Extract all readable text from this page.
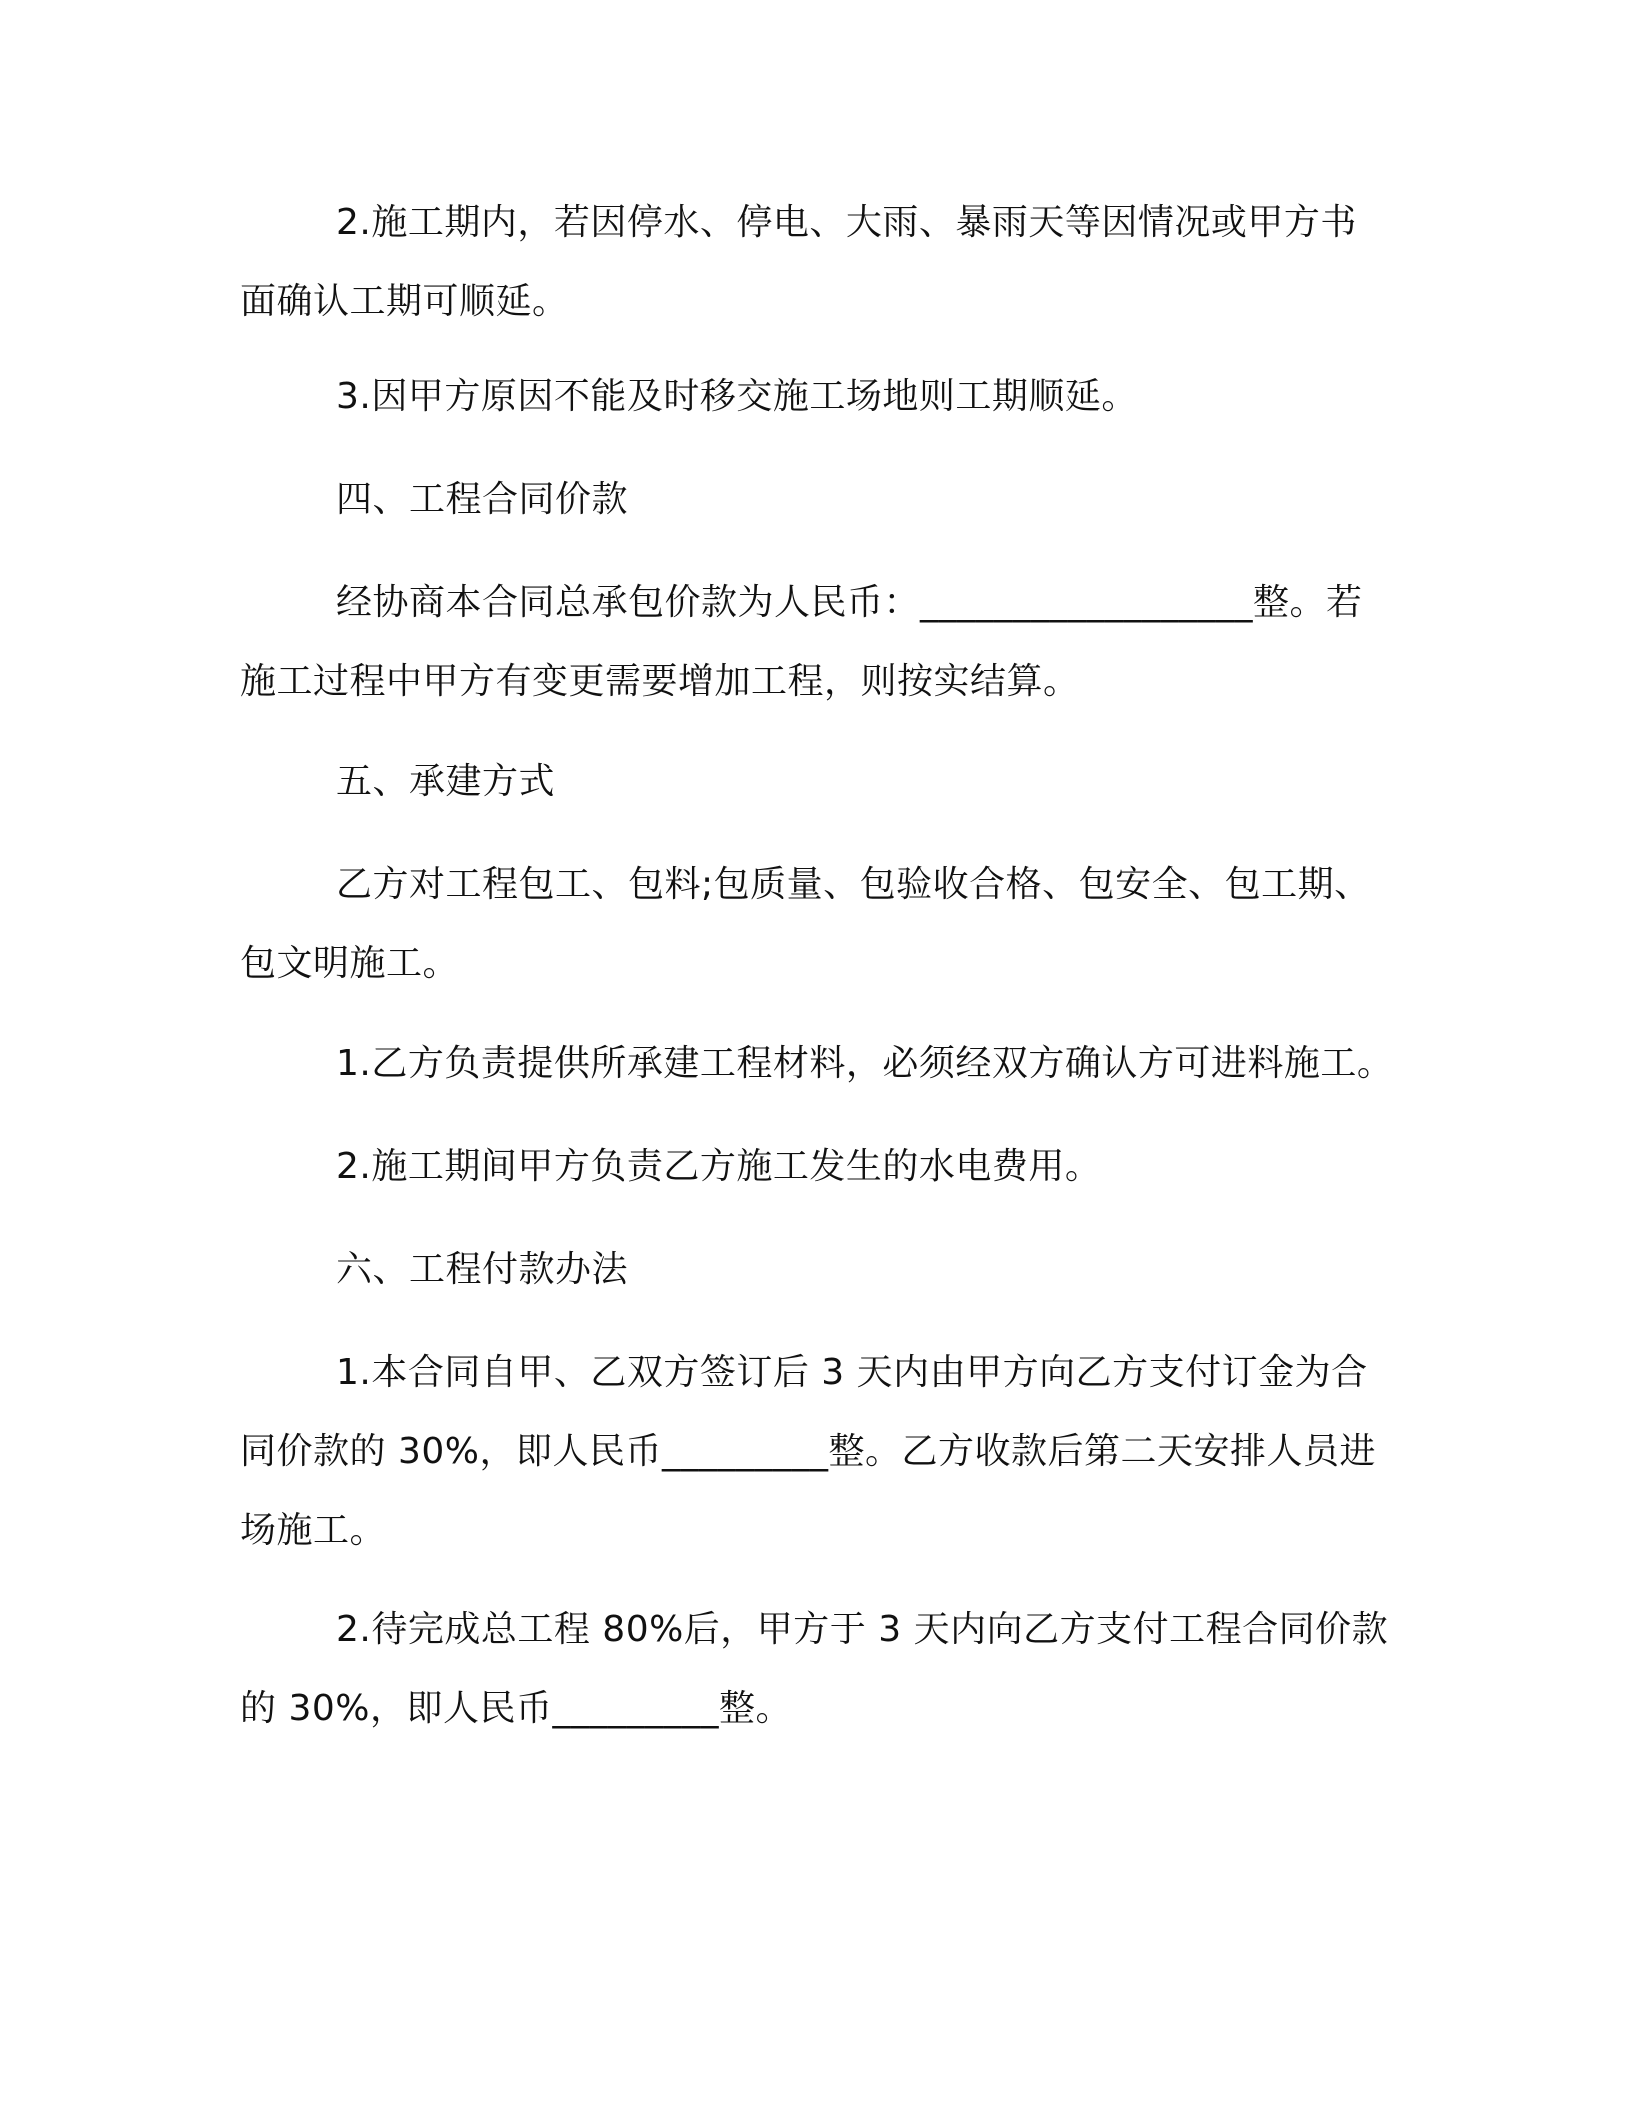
2.施工期内，若因停水、停电、大雨、暴雨天等因情况或甲方书
面确认工期可顺延。
3.因甲方原因不能及时移交施工场地则工期顺延。
四、工程合同价款
经协商本合同总承包价款为人民币：__________________整。若
施工过程中甲方有变更需要增加工程，则按实结算。
五、承建方式
乙方对工程包工、包料;包质量、包验收合格、包安全、包工期、
包文明施工。
1.乙方负责提供所承建工程材料，必须经双方确认方可进料施工。
2.施工期间甲方负责乙方施工发生的水电费用。
六、工程付款办法
1.本合同自甲、乙双方签订后 3 天内由甲方向乙方支付订金为合
同价款的 30%，即人民币_________整。乙方收款后第二天安排人员进
场施工。
2.待完成总工程 80%后，甲方于 3 天内向乙方支付工程合同价款
的 30%，即人民币_________整。
